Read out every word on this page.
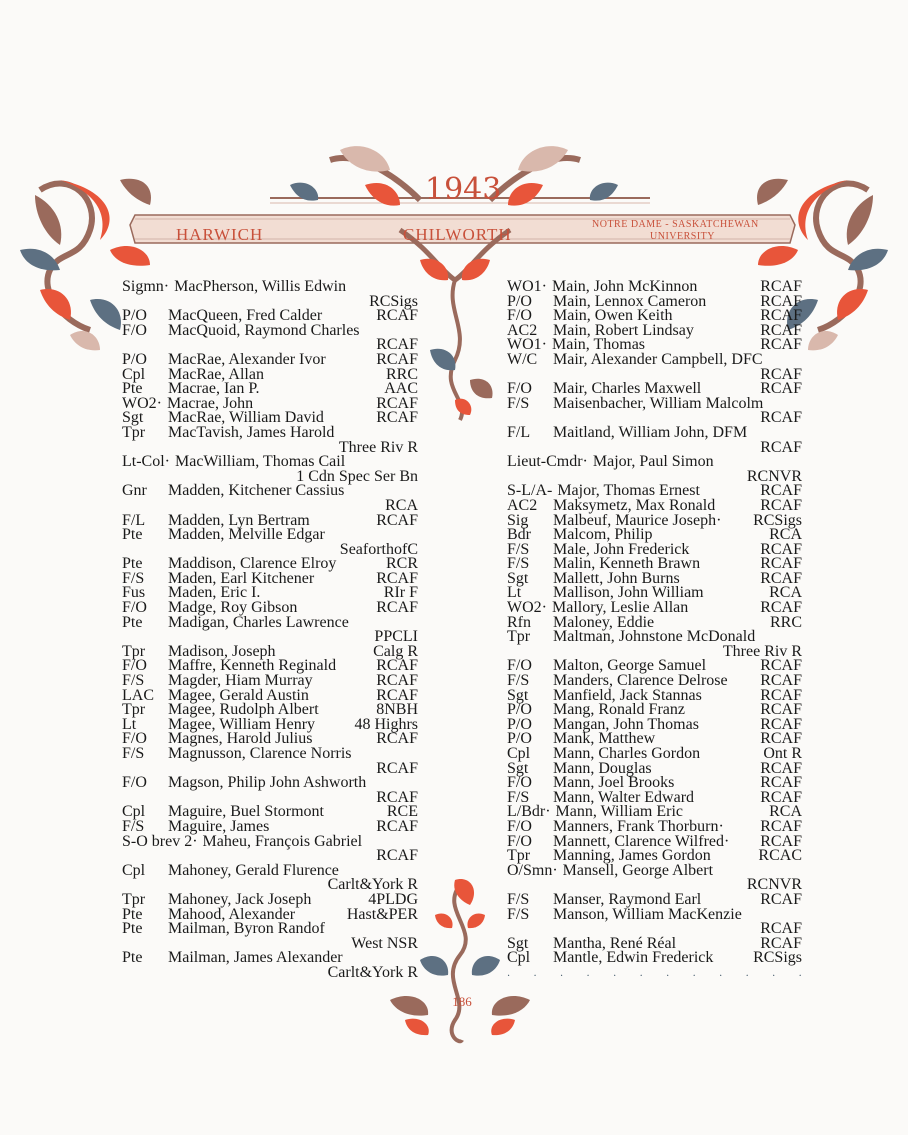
1943
HARWICH	CHILWORTH
NOTRE DAME - SASKATCHEWAN
UNIVERSITY
Sigmn· MacPherson, Willis Edwin
RCSigs
P/O	MacQueen, Fred Calder	RCAF
F/O	MacQuoid, Raymond Charles
RCAF
P/O	MacRae, Alexander Ivor	RCAF
Cpl	MacRae, Allan	RRC
Pte	Macrae, Ian P.	AAC
WO2· Macrae, John	RCAF
Sgt	MacRae, William David	RCAF
Tpr	MacTavish, James Harold
Three Riv R
Lt-Col· MacWilliam, Thomas Cail
1 Cdn Spec Ser Bn
Gnr	Madden, Kitchener Cassius
RCA
F/L	Madden, Lyn Bertram	RCAF
Pte	Madden, Melville Edgar
SeaforthofC
Pte	Maddison, Clarence Elroy	RCR
F/S	Maden, Earl Kitchener	RCAF
Fus	Maden, Eric I.	RIr F
F/O	Madge, Roy Gibson	RCAF
Pte	Madigan, Charles Lawrence
PPCLI
Tpr	Madison, Joseph	Calg R
F/O	Maffre, Kenneth Reginald	RCAF
F/S	Magder, Hiam Murray	RCAF
LAC Magee, Gerald Austin	RCAF
Tpr	Magee, Rudolph Albert	8NBH
Lt	Magee, William Henry	48 Highrs
F/O	Magnes, Harold Julius	RCAF
F/S	Magnusson, Clarence Norris
RCAF
F/O	Magson, Philip John Ashworth
RCAF
Cpl	Maguire, Buel Stormont	RCE
F/S	Maguire, James	RCAF
S-O brev 2· Maheu, François Gabriel
RCAF
Cpl	Mahoney, Gerald Flurence
Carlt&York R
Tpr	Mahoney, Jack Joseph	4PLDG
Pte	Mahood, Alexander	Hast&PER
Pte	Mailman, Byron Randof
West NSR
Pte	Mailman, James Alexander
Carlt&York R
WO1· Main, John McKinnon	RCAF
P/O	Main, Lennox Cameron	RCAF
F/O	Main, Owen Keith	RCAF
AC2 Main, Robert Lindsay	RCAF
WO1· Main, Thomas	RCAF
W/C Mair, Alexander Campbell, DFC
RCAF
F/O	Mair, Charles Maxwell	RCAF
F/S	Maisenbacher, William Malcolm
RCAF
F/L	Maitland, William John, DFM
RCAF
Lieut-Cmdr· Major, Paul Simon
RCNVR
S-L/A- Major, Thomas Ernest	RCAF
AC2 Maksymetz, Max Ronald	RCAF
Sig	Malbeuf, Maurice Joseph·	RCSigs
Bdr	Malcom, Philip	RCA
F/S	Male, John Frederick	RCAF
F/S	Malin, Kenneth Brawn	RCAF
Sgt	Mallett, John Burns	RCAF
Lt	Mallison, John William	RCA
WO2· Mallory, Leslie Allan	RCAF
Rfn	Maloney, Eddie	RRC
Tpr	Maltman, Johnstone McDonald
Three Riv R
F/O	Malton, George Samuel	RCAF
F/S	Manders, Clarence Delrose	RCAF
Sgt	Manfield, Jack Stannas	RCAF
P/O	Mang, Ronald Franz	RCAF
P/O	Mangan, John Thomas	RCAF
P/O	Mank, Matthew	RCAF
Cpl	Mann, Charles Gordon	Ont R
Sgt	Mann, Douglas	RCAF
F/O	Mann, Joel Brooks	RCAF
F/S	Mann, Walter Edward	RCAF
L/Bdr· Mann, William Eric	RCA
F/O	Manners, Frank Thorburn·	RCAF
F/O	Mannett, Clarence Wilfred·	RCAF
Tpr	Manning, James Gordon	RCAC
O/Smn· Mansell, George Albert
RCNVR
F/S	Manser, Raymond Earl	RCAF
F/S	Manson, William MacKenzie
RCAF
Sgt	Mantha, René Réal	RCAF
Cpl	Mantle, Edwin Frederick	RCSigs
· · · · · · · · · · · ·
186
